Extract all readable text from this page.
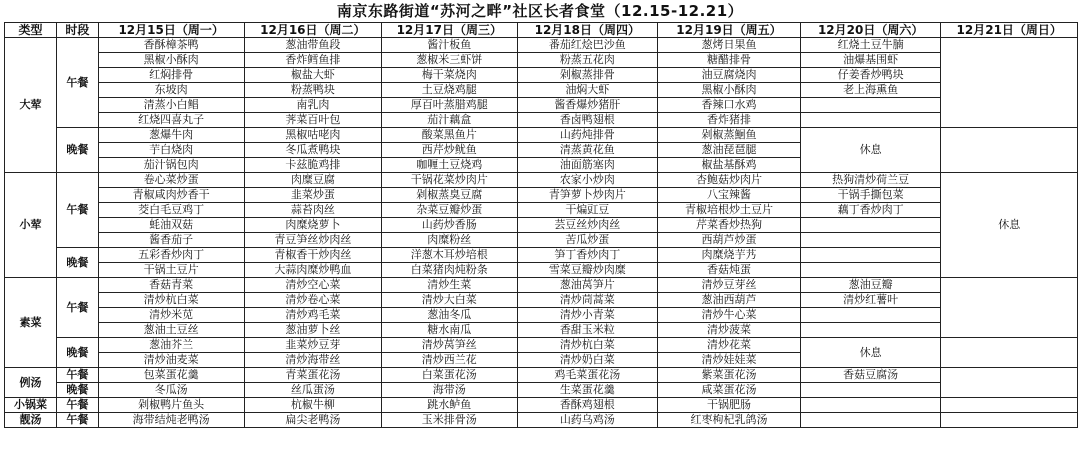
南京东路街道“苏河之畔”社区长者食堂（12.15-12.21）
类型	时段	12月15日（周一）	12月16日（周二）	12月17日（周三）	12月18日（周四）	12月19日（周五）	12月20日（周六）	12月21日（周日）
大荤	午餐	香酥樟茶鸭	葱油带鱼段	酱汁板鱼	番茄红烩巴沙鱼	葱烤日果鱼	红烧土豆牛腩	
		黑椒小酥肉	香炸鳕鱼排	葱椒米三虾饼	粉蒸五花肉	糖醋排骨	油爆基围虾	
		红焖排骨	椒盐大虾	梅干菜烧肉	剁椒蒸排骨	油豆腐烧肉	仔姜香炒鸭块	
		东坡肉	粉蒸鸭块	土豆烧鸡腿	油焖大虾	黑椒小酥肉	老上海熏鱼	
		清蒸小白鲳	南乳肉	厚百叶蒸腊鸡腿	酱香爆炒猪肝	香辣口水鸡		
		红烧四喜丸子	荠菜百叶包	茄汁藕盒	香卤鸭翅根	香炸猪排		
	晚餐	葱爆牛肉	黑椒咕咾肉	酸菜黑鱼片	山药炖排骨	剁椒蒸鮰鱼	休息	
		芋白烧肉	冬瓜煮鸭块	西芹炒鱿鱼	清蒸黄花鱼	葱油琵琶腿		
		茄汁锅包肉	卡兹脆鸡排	咖喱土豆烧鸡	油面筋塞肉	椒盐基酥鸡		
小荤	午餐	卷心菜炒蛋	肉糜豆腐	干锅花菜炒肉片	农家小炒肉	杏鲍菇炒肉片	热狗清炒荷兰豆	休息
		青椒咸肉炒香干	韭菜炒蛋	剁椒蒸臭豆腐	青笋萝卜炒肉片	八宝辣酱	干锅手撕包菜	
		茭白毛豆鸡丁	蒜苔肉丝	杂菜豆瓣炒蛋	干煸豇豆	青椒培根炒土豆片	藕丁香炒肉丁	
		蚝油双菇	肉糜烧萝卜	山药炒香肠	芸豆丝炒肉丝	芹菜香炒热狗		
		酱香茄子	青豆笋丝炒肉丝	肉糜粉丝	苦瓜炒蛋	西葫芦炒蛋		
	晚餐	五彩香炒肉丁	青椒香干炒肉丝	洋葱木耳炒培根	笋丁香炒肉丁	肉糜烧芋艿		
		干锅土豆片	大蒜肉糜炒鸭血	白菜猪肉炖粉条	雪菜豆瓣炒肉糜	香菇炖蛋		
素菜	午餐	香菇青菜	清炒空心菜	清炒生菜	葱油莴笋片	清炒豆芽丝	葱油豆瓣	
		清炒杭白菜	清炒卷心菜	清炒大白菜	清炒茼蒿菜	葱油西葫芦	清炒红薯叶	
		清炒米苋	清炒鸡毛菜	葱油冬瓜	清炒小青菜	清炒牛心菜		
		葱油土豆丝	葱油萝卜丝	糖水南瓜	香甜玉米粒	清炒菠菜		
	晚餐	葱油芥兰	韭菜炒豆芽	清炒莴笋丝	清炒杭白菜	清炒花菜	休息	
		清炒油麦菜	清炒海带丝	清炒西兰花	清炒奶白菜	清炒娃娃菜		
例汤	午餐	包菜蛋花羹	青菜蛋花汤	白菜蛋花汤	鸡毛菜蛋花汤	紫菜蛋花汤	香菇豆腐汤	
	晚餐	冬瓜汤	丝瓜蛋汤	海带汤	生菜蛋花羹	咸菜蛋花汤		
小锅菜	午餐	剁椒鸭片鱼头	杭椒牛柳	跳水鲈鱼	香酥鸡翅根	干锅肥肠		
靓汤	午餐	海带结炖老鸭汤	扁尖老鸭汤	玉米排骨汤	山药乌鸡汤	红枣枸杞乳鸽汤		
